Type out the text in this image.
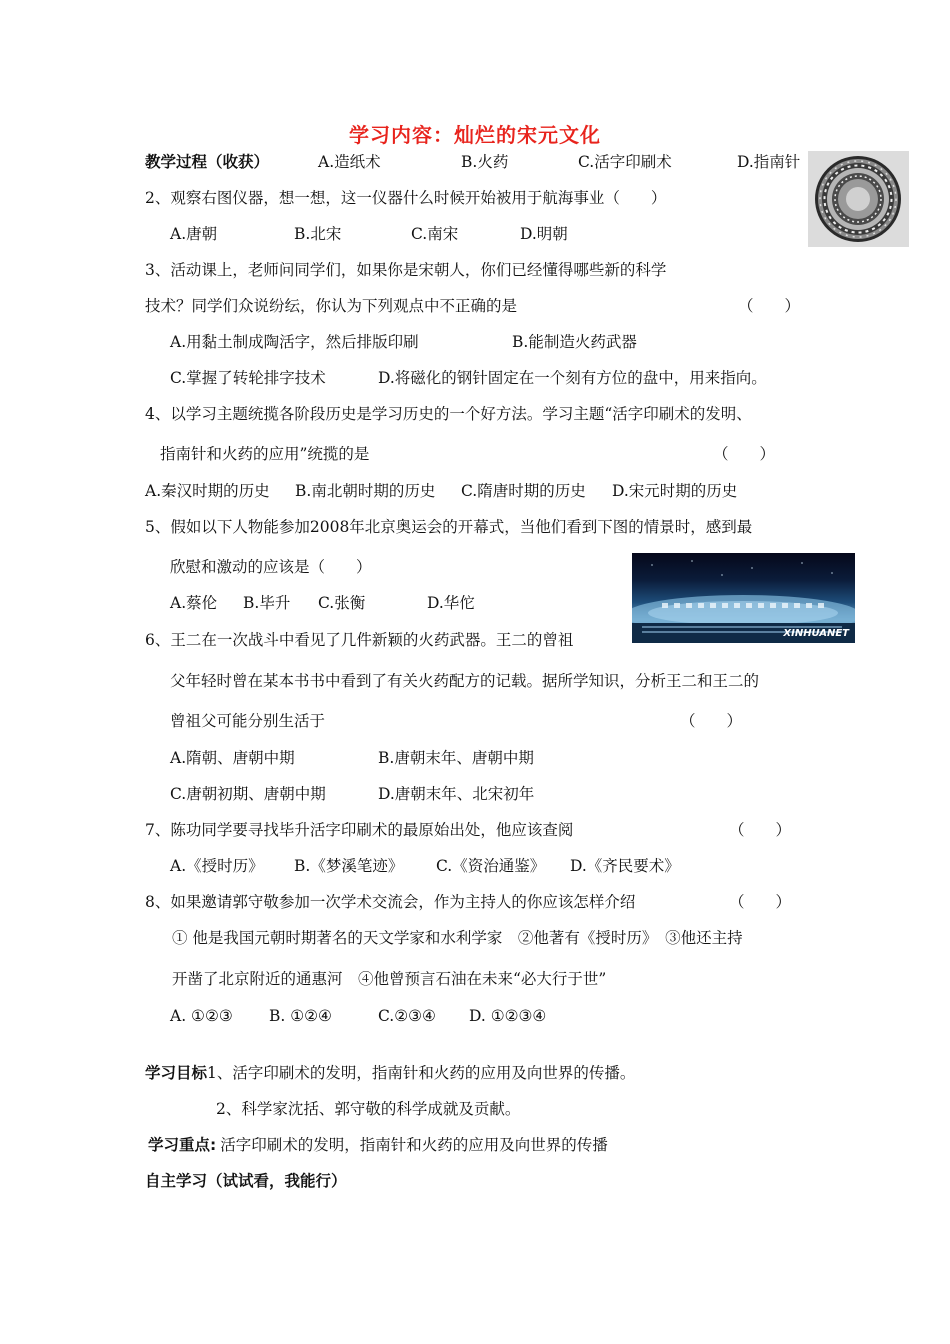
学习内容：灿烂的宋元文化
教学过程（收获）	A.造纸术	B.火药	C.活字印刷术	D.指南针
2、观察右图仪器，想一想，这一仪器什么时候开始被用于航海事业（　　）
A.唐朝	B.北宋	C.南宋	D.明朝
3、活动课上，老师问同学们，如果你是宋朝人，你们已经懂得哪些新的科学
技术？同学们众说纷纭，你认为下列观点中不正确的是	（　　）
A.用黏土制成陶活字，然后排版印刷	B.能制造火药武器
C.掌握了转轮排字技术	D.将磁化的钢针固定在一个刻有方位的盘中，用来指向。
4、以学习主题统揽各阶段历史是学习历史的一个好方法。学习主题“活字印刷术的发明、
指南针和火药的应用”统揽的是	（　　）
A.秦汉时期的历史 B.南北朝时期的历史 C.隋唐时期的历史 D.宋元时期的历史
5、假如以下人物能参加2008年北京奥运会的开幕式，当他们看到下图的情景时，感到最
欣慰和激动的应该是（　　）
A.蔡伦 B.毕升 C.张衡	D.华佗
XINHUANET
6、王二在一次战斗中看见了几件新颖的火药武器。王二的曾祖
父年轻时曾在某本书书中看到了有关火药配方的记载。据所学知识，分析王二和王二的
曾祖父可能分别生活于	（　　）
A.隋朝、唐朝中期	B.唐朝末年、唐朝中期
C.唐朝初期、唐朝中期	D.唐朝末年、北宋初年
7、陈功同学要寻找毕升活字印刷术的最原始出处，他应该查阅	（　　）
A.《授时历》 B.《梦溪笔迹》 C.《资治通鉴》 D.《齐民要术》
8、如果邀请郭守敬参加一次学术交流会，作为主持人的你应该怎样介绍	（　　）
① 他是我国元朝时期著名的天文学家和水利学家　②他著有《授时历》　③他还主持
开凿了北京附近的通惠河　④他曾预言石油在未来“必大行于世”
A. ①②③ B. ①②④	C.②③④ D. ①②③④
学习目标1、活字印刷术的发明，指南针和火药的应用及向世界的传播。
2、科学家沈括、郭守敬的科学成就及贡献。
学习重点: 活字印刷术的发明，指南针和火药的应用及向世界的传播
自主学习（试试看，我能行）
